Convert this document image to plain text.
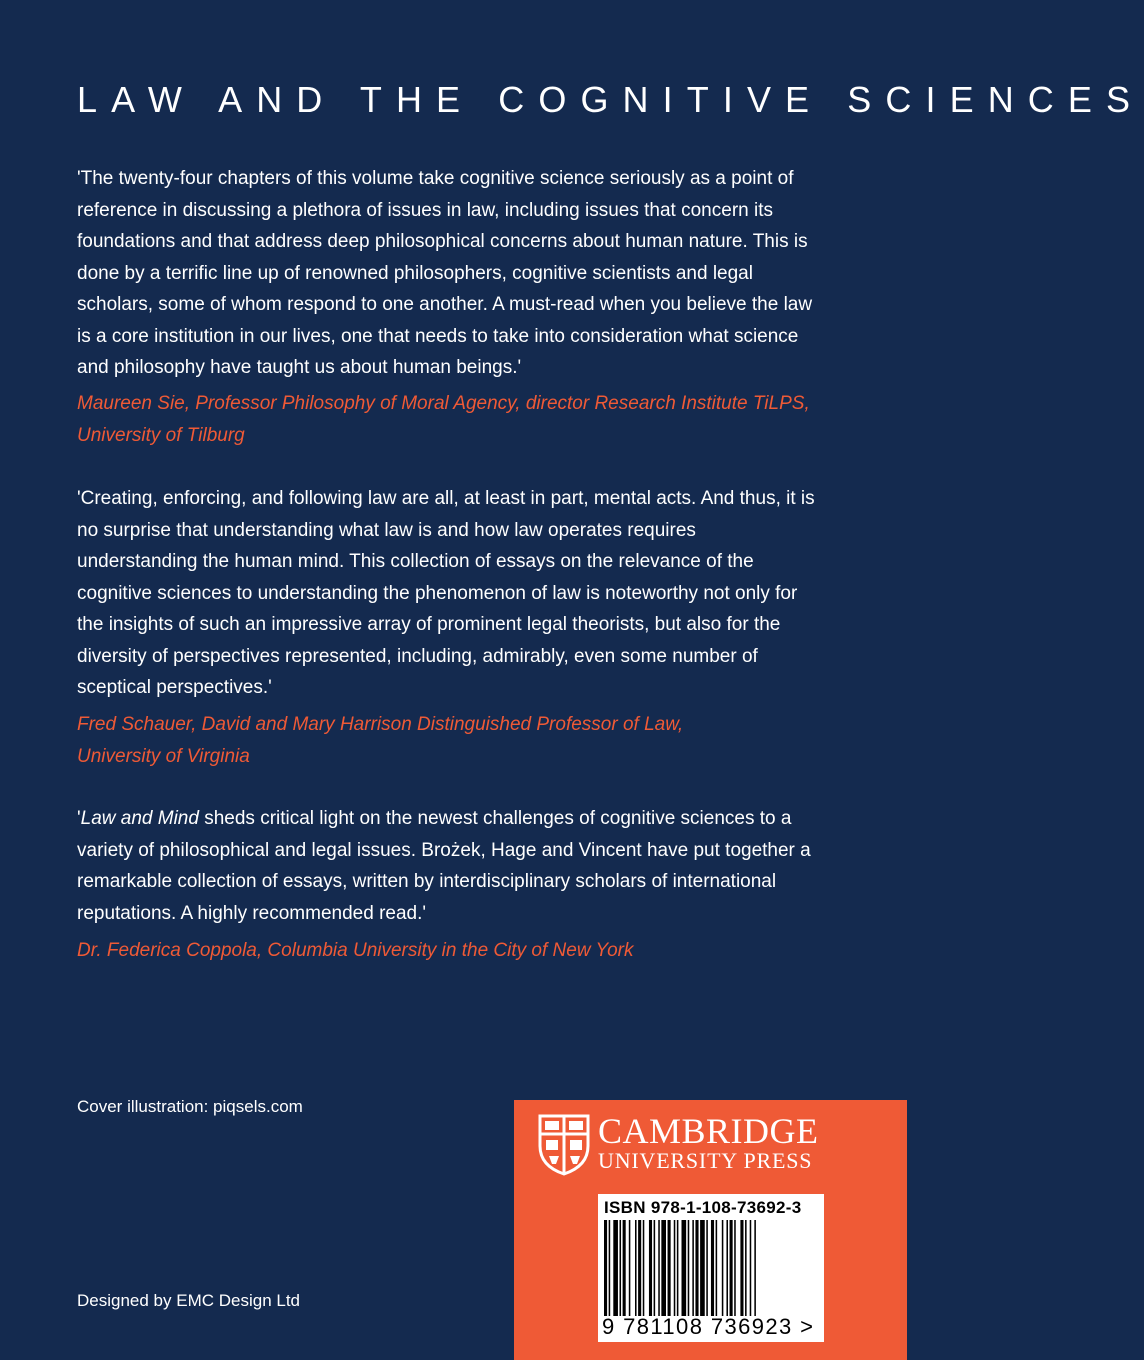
LAW AND THE COGNITIVE SCIENCES

'The twenty-four chapters of this volume take cognitive science seriously as a point of reference in discussing a plethora of issues in law, including issues that concern its foundations and that address deep philosophical concerns about human nature. This is done by a terrific line up of renowned philosophers, cognitive scientists and legal scholars, some of whom respond to one another. A must-read when you believe the law is a core institution in our lives, one that needs to take into consideration what science and philosophy have taught us about human beings.'

Maureen Sie, Professor Philosophy of Moral Agency, director Research Institute TiLPS, University of Tilburg

'Creating, enforcing, and following law are all, at least in part, mental acts. And thus, it is no surprise that understanding what law is and how law operates requires understanding the human mind. This collection of essays on the relevance of the cognitive sciences to understanding the phenomenon of law is noteworthy not only for the insights of such an impressive array of prominent legal theorists, but also for the diversity of perspectives represented, including, admirably, even some number of sceptical perspectives.'

Fred Schauer, David and Mary Harrison Distinguished Professor of Law, University of Virginia

'Law and Mind sheds critical light on the newest challenges of cognitive sciences to a variety of philosophical and legal issues. Brożek, Hage and Vincent have put together a remarkable collection of essays, written by interdisciplinary scholars of international reputations. A highly recommended read.'

Dr. Federica Coppola, Columbia University in the City of New York

Cover illustration: piqsels.com

Designed by EMC Design Ltd

CAMBRIDGE
UNIVERSITY PRESS
ISBN 978-1-108-73692-3
9 781108 736923 >
